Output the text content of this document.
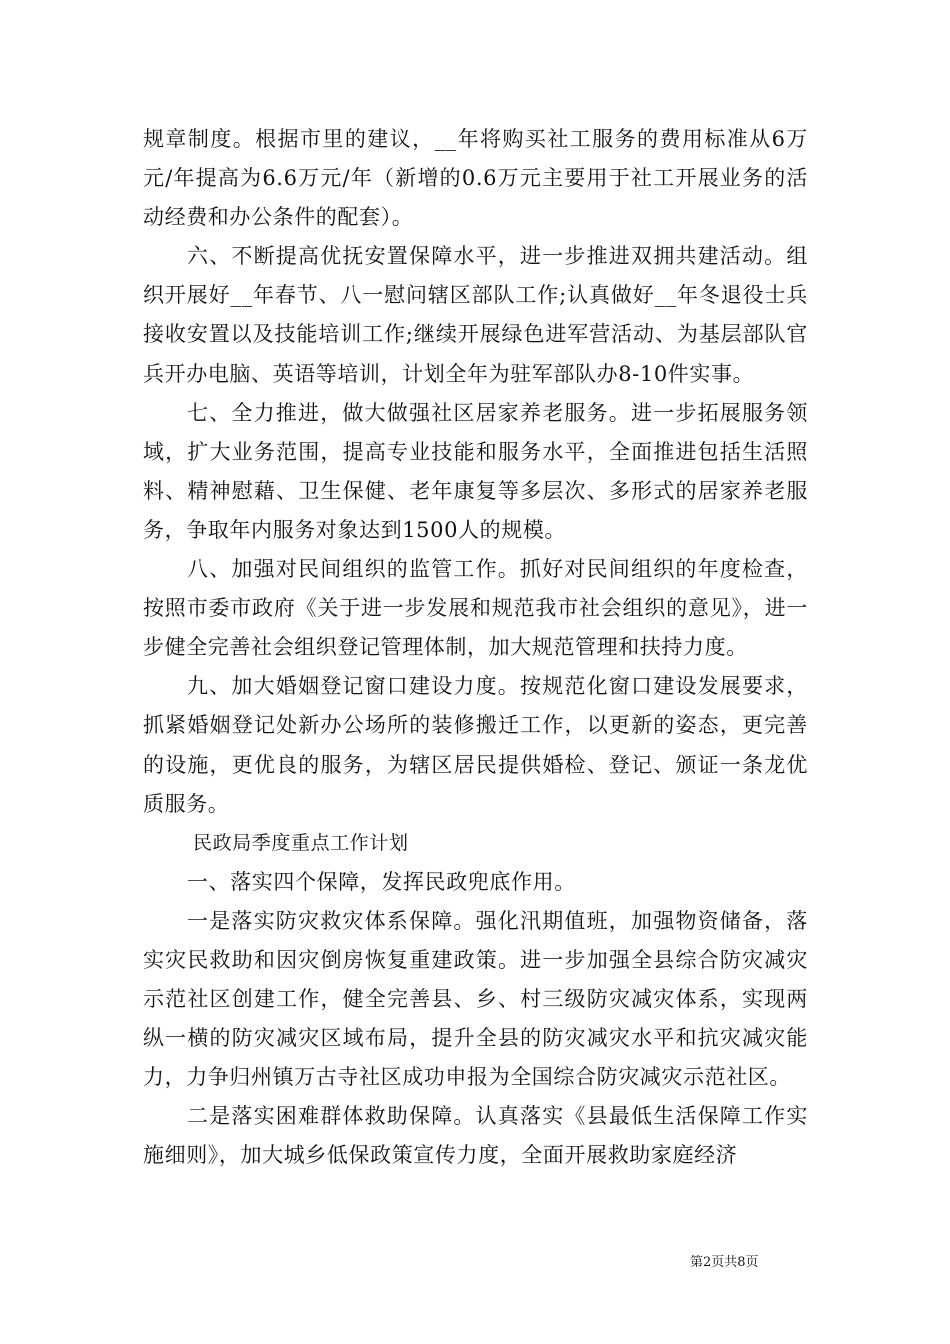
规章制度。根据市里的建议，__年将购买社工服务的费用标准从6万元/年提高为6.6万元/年（新增的0.6万元主要用于社工开展业务的活动经费和办公条件的配套）。

六、不断提高优抚安置保障水平，进一步推进双拥共建活动。组织开展好__年春节、八一慰问辖区部队工作;认真做好__年冬退役士兵接收安置以及技能培训工作;继续开展绿色进军营活动、为基层部队官兵开办电脑、英语等培训，计划全年为驻军部队办8-10件实事。

七、全力推进，做大做强社区居家养老服务。进一步拓展服务领域，扩大业务范围，提高专业技能和服务水平，全面推进包括生活照料、精神慰藉、卫生保健、老年康复等多层次、多形式的居家养老服务，争取年内服务对象达到1500人的规模。

八、加强对民间组织的监管工作。抓好对民间组织的年度检查，按照市委市政府《关于进一步发展和规范我市社会组织的意见》，进一步健全完善社会组织登记管理体制，加大规范管理和扶持力度。

九、加大婚姻登记窗口建设力度。按规范化窗口建设发展要求，抓紧婚姻登记处新办公场所的装修搬迁工作，以更新的姿态，更完善的设施，更优良的服务，为辖区居民提供婚检、登记、颁证一条龙优质服务。

民政局季度重点工作计划

一、落实四个保障，发挥民政兜底作用。

一是落实防灾救灾体系保障。强化汛期值班，加强物资储备，落实灾民救助和因灾倒房恢复重建政策。进一步加强全县综合防灾减灾示范社区创建工作，健全完善县、乡、村三级防灾减灾体系，实现两纵一横的防灾减灾区域布局，提升全县的防灾减灾水平和抗灾减灾能力，力争归州镇万古寺社区成功申报为全国综合防灾减灾示范社区。

二是落实困难群体救助保障。认真落实《县最低生活保障工作实施细则》，加大城乡低保政策宣传力度，全面开展救助家庭经济

第2页共8页
